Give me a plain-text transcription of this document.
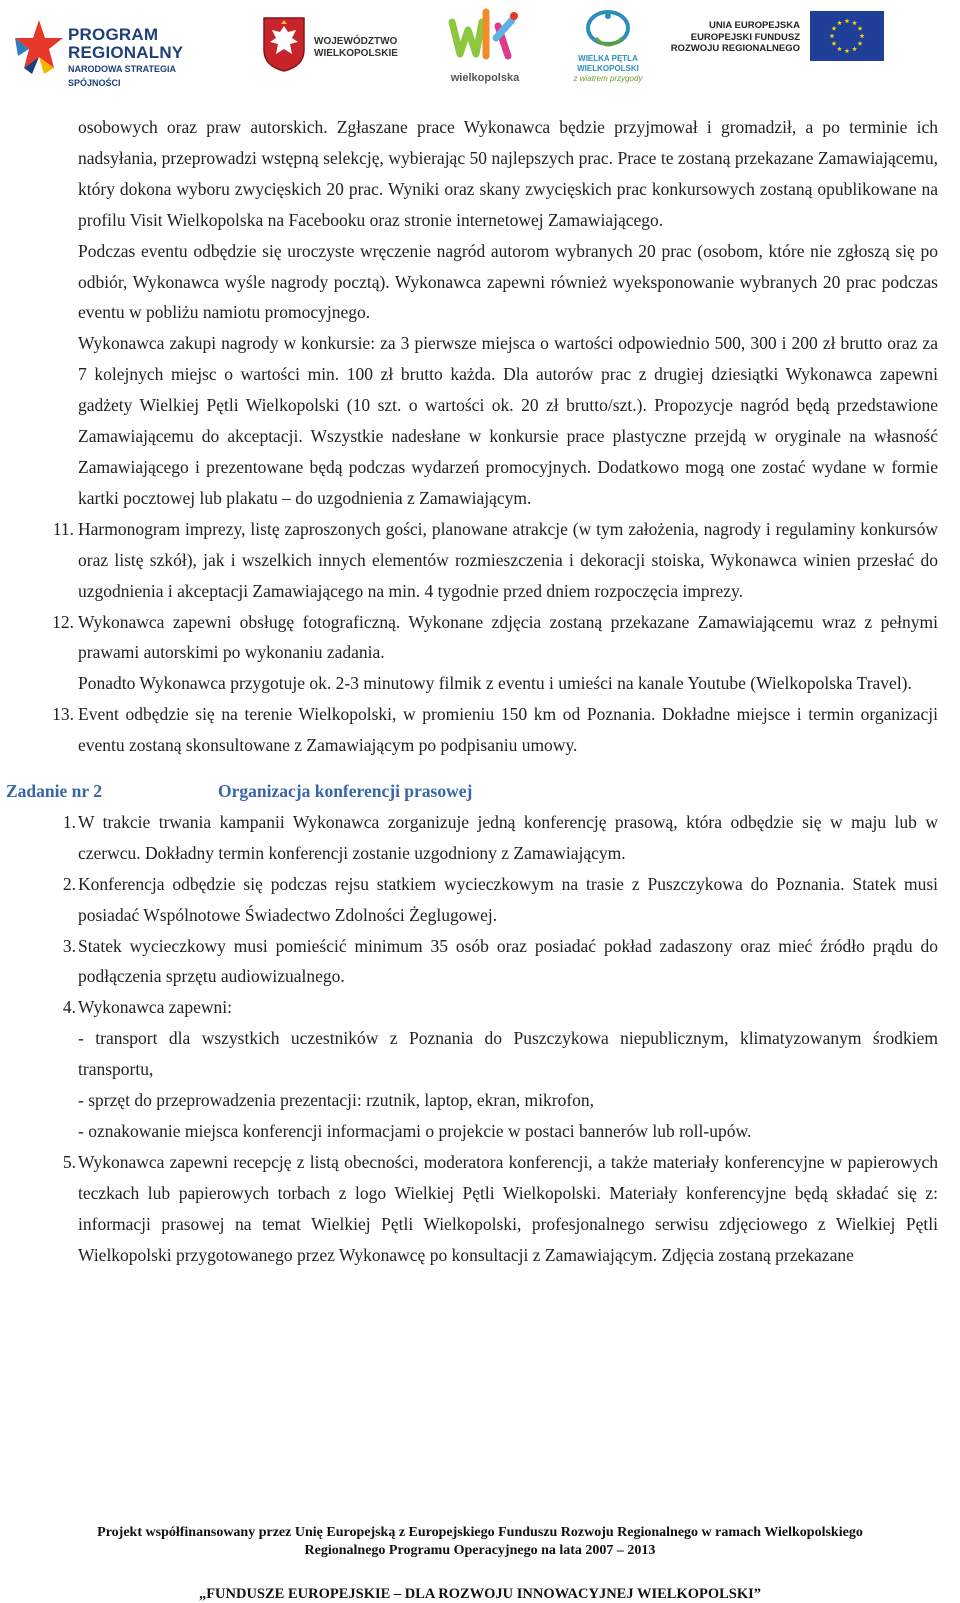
PROGRAM
REGIONALNY
NARODOWA STRATEGIA SPÓJNOŚCI
WOJEWÓDZTWO
WIELKOPOLSKIE
wielkopolska
WIELKA PĘTLA
WIELKOPOLSKI
z wiatrem przygody
UNIA EUROPEJSKA
EUROPEJSKI FUNDUSZ
ROZWOJU REGIONALNEGO

osobowych oraz praw autorskich. Zgłaszane prace Wykonawca będzie przyjmował i gromadził, a po terminie ich nadsyłania, przeprowadzi wstępną selekcję, wybierając 50 najlepszych prac. Prace te zostaną przekazane Zamawiającemu, który dokona wyboru zwycięskich 20 prac. Wyniki oraz skany zwycięskich prac konkursowych zostaną opublikowane na profilu Visit Wielkopolska na Facebooku oraz stronie internetowej Zamawiającego.

Podczas eventu odbędzie się uroczyste wręczenie nagród autorom wybranych 20 prac (osobom, które nie zgłoszą się po odbiór, Wykonawca wyśle nagrody pocztą). Wykonawca zapewni również wyeksponowanie wybranych 20 prac podczas eventu w pobliżu namiotu promocyjnego.

Wykonawca zakupi nagrody w konkursie: za 3 pierwsze miejsca o wartości odpowiednio 500, 300 i 200 zł brutto oraz za 7 kolejnych miejsc o wartości min. 100 zł brutto każda. Dla autorów prac z drugiej dziesiątki Wykonawca zapewni gadżety Wielkiej Pętli Wielkopolski (10 szt. o wartości ok. 20 zł brutto/szt.). Propozycje nagród będą przedstawione Zamawiającemu do akceptacji. Wszystkie nadesłane w konkursie prace plastyczne przejdą w oryginale na własność Zamawiającego i prezentowane będą podczas wydarzeń promocyjnych. Dodatkowo mogą one zostać wydane w formie kartki pocztowej lub plakatu – do uzgodnienia z Zamawiającym.

11. Harmonogram imprezy, listę zaproszonych gości, planowane atrakcje (w tym założenia, nagrody i regulaminy konkursów oraz listę szkół), jak i wszelkich innych elementów rozmieszczenia i dekoracji stoiska, Wykonawca winien przesłać do uzgodnienia i akceptacji Zamawiającego na min. 4 tygodnie przed dniem rozpoczęcia imprezy.
12. Wykonawca zapewni obsługę fotograficzną. Wykonane zdjęcia zostaną przekazane Zamawiającemu wraz z pełnymi prawami autorskimi po wykonaniu zadania.

Ponadto Wykonawca przygotuje ok. 2-3 minutowy filmik z eventu i umieści na kanale Youtube (Wielkopolska Travel).

13. Event odbędzie się na terenie Wielkopolski, w promieniu 150 km od Poznania. Dokładne miejsce i termin organizacji eventu zostaną skonsultowane z Zamawiającym po podpisaniu umowy.
Zadanie nr 2	Organizacja konferencji prasowej
1. W trakcie trwania kampanii Wykonawca zorganizuje jedną konferencję prasową, która odbędzie się w maju lub w czerwcu. Dokładny termin konferencji zostanie uzgodniony z Zamawiającym.
2. Konferencja odbędzie się podczas rejsu statkiem wycieczkowym na trasie z Puszczykowa do Poznania. Statek musi posiadać Wspólnotowe Świadectwo Zdolności Żeglugowej.
3. Statek wycieczkowy musi pomieścić minimum 35 osób oraz posiadać pokład zadaszony oraz mieć źródło prądu do podłączenia sprzętu audiowizualnego.
4. Wykonawca zapewni:

- transport dla wszystkich uczestników z Poznania do Puszczykowa niepublicznym, klimatyzowanym środkiem transportu,

- sprzęt do przeprowadzenia prezentacji: rzutnik, laptop, ekran, mikrofon,

- oznakowanie miejsca konferencji informacjami o projekcie w postaci bannerów lub roll-upów.

5. Wykonawca zapewni recepcję z listą obecności, moderatora konferencji, a także materiały konferencyjne w papierowych teczkach lub papierowych torbach z logo Wielkiej Pętli Wielkopolski. Materiały konferencyjne będą składać się z: informacji prasowej na temat Wielkiej Pętli Wielkopolski, profesjonalnego serwisu zdjęciowego z Wielkiej Pętli Wielkopolski przygotowanego przez Wykonawcę po konsultacji z Zamawiającym. Zdjęcia zostaną przekazane
Projekt współfinansowany przez Unię Europejską z Europejskiego Funduszu Rozwoju Regionalnego w ramach Wielkopolskiego
Regionalnego Programu Operacyjnego na lata 2007 – 2013
„FUNDUSZE EUROPEJSKIE – DLA ROZWOJU INNOWACYJNEJ WIELKOPOLSKI”
